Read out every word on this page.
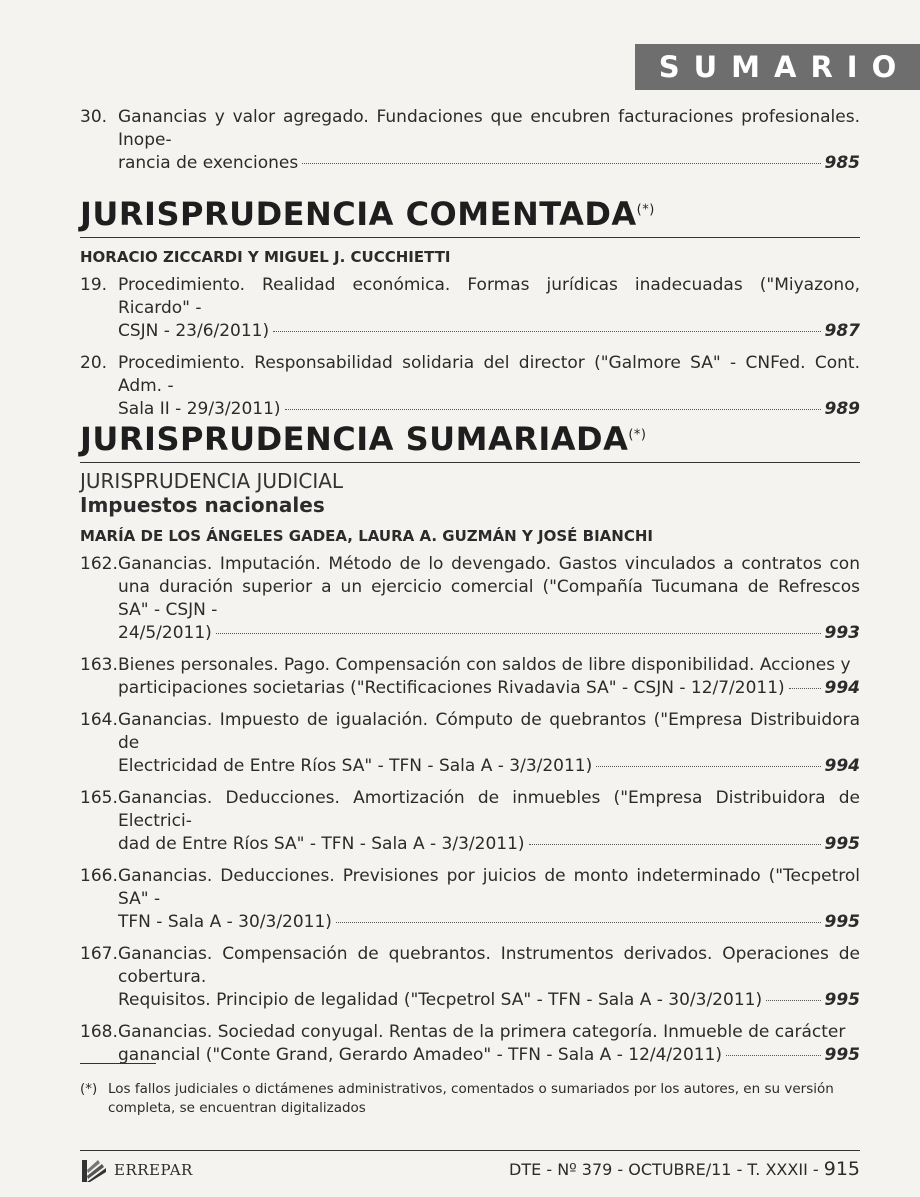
SUMARIO
30. Ganancias y valor agregado. Fundaciones que encubren facturaciones profesionales. Inope-
rancia de exenciones	985
JURISPRUDENCIA COMENTADA(*)
HORACIO ZICCARDI Y MIGUEL J. CUCCHIETTI
19. Procedimiento. Realidad económica. Formas jurídicas inadecuadas ("Miyazono, Ricardo" -
CSJN - 23/6/2011)	987
20. Procedimiento. Responsabilidad solidaria del director ("Galmore SA" - CNFed. Cont. Adm. -
Sala II - 29/3/2011)	989
JURISPRUDENCIA SUMARIADA(*)
JURISPRUDENCIA JUDICIAL
Impuestos nacionales
MARÍA DE LOS ÁNGELES GADEA, LAURA A. GUZMÁN Y JOSÉ BIANCHI
162. Ganancias. Imputación. Método de lo devengado. Gastos vinculados a contratos con una duración superior a un ejercicio comercial ("Compañía Tucumana de Refrescos SA" - CSJN -
24/5/2011)	993
163. Bienes personales. Pago. Compensación con saldos de libre disponibilidad. Acciones y
participaciones societarias ("Rectificaciones Rivadavia SA" - CSJN - 12/7/2011) 994
164. Ganancias. Impuesto de igualación. Cómputo de quebrantos ("Empresa Distribuidora de
Electricidad de Entre Ríos SA" - TFN - Sala A - 3/3/2011)	994
165. Ganancias. Deducciones. Amortización de inmuebles ("Empresa Distribuidora de Electrici-
dad de Entre Ríos SA" - TFN - Sala A - 3/3/2011)	995
166. Ganancias. Deducciones. Previsiones por juicios de monto indeterminado ("Tecpetrol SA" -
TFN - Sala A - 30/3/2011)	995
167. Ganancias. Compensación de quebrantos. Instrumentos derivados. Operaciones de cobertura.
Requisitos. Principio de legalidad ("Tecpetrol SA" - TFN - Sala A - 30/3/2011)	995
168. Ganancias. Sociedad conyugal. Rentas de la primera categoría. Inmueble de carácter
ganancial ("Conte Grand, Gerardo Amadeo" - TFN - Sala A - 12/4/2011)	995
(*) Los fallos judiciales o dictámenes administrativos, comentados o sumariados por los autores, en su versión completa, se encuentran digitalizados
ERREPAR	DTE - Nº 379 - OCTUBRE/11 - T. XXXII - 915
